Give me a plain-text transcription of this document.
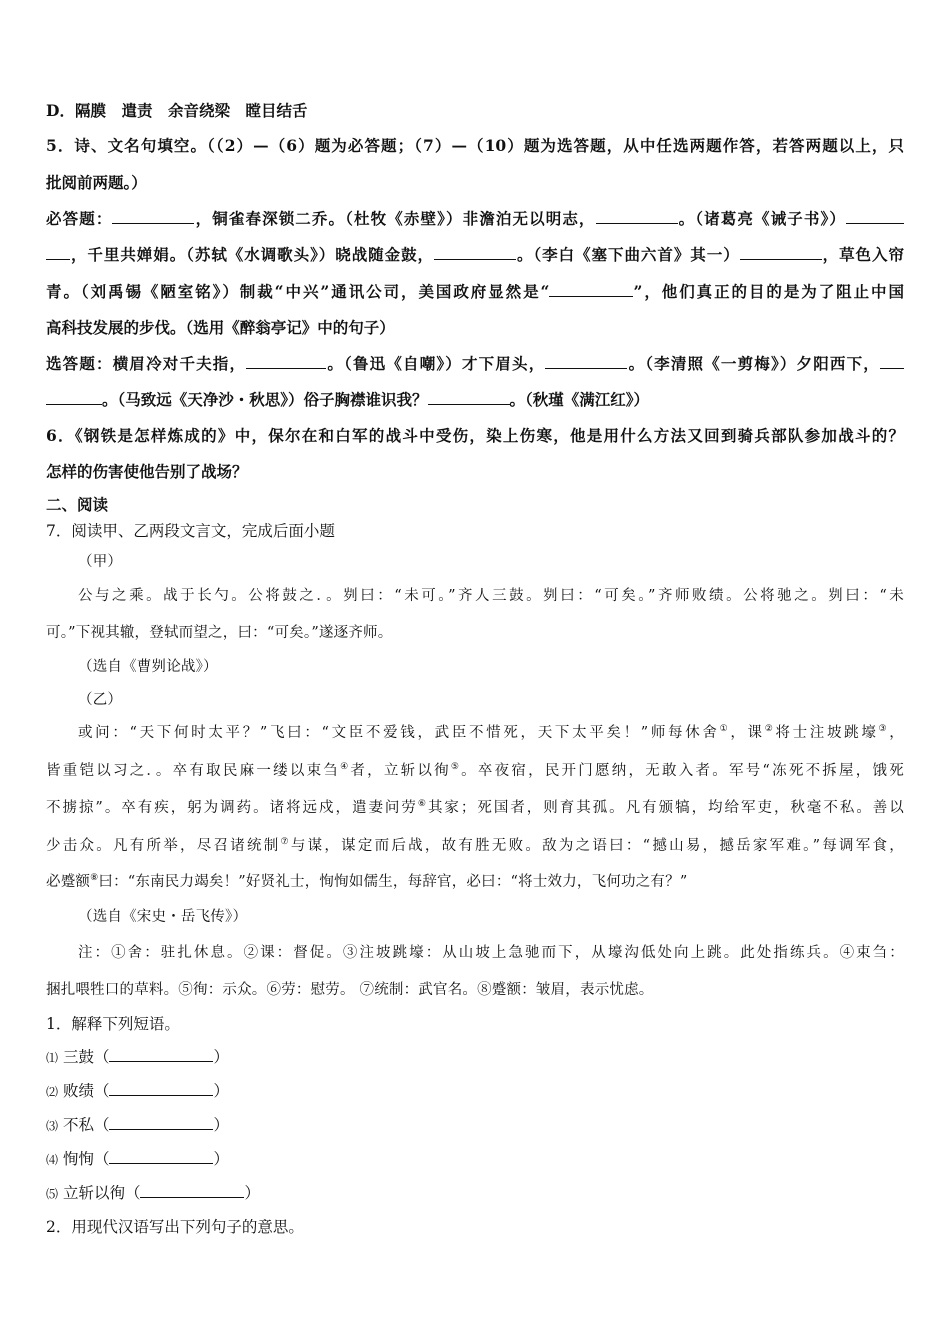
D．隔膜　遣责　余音绕梁　瞠目结舌
5．诗、文名句填空。（（2）—（6）题为必答题；（7）—（10）题为选答题，从中任选两题作答，若答两题以上，只
批阅前两题。）
必答题：	，铜雀春深锁二乔。（杜牧《赤壁》）非澹泊无以明志，	。（诸葛亮《诫子书》）
，千里共婵娟。（苏轼《水调歌头》）晓战随金鼓，	。（李白《塞下曲六首》其一）	，草色入帘
青。（刘禹锡《陋室铭》）制裁“中兴”通讯公司，美国政府显然是“	”，他们真正的目的是为了阻止中国
高科技发展的步伐。（选用《醉翁亭记》中的句子）
选答题：横眉冷对千夫指，	。（鲁迅《自嘲》）才下眉头，	。（李清照《一剪梅》）夕阳西下，
。（马致远《天净沙・秋思》）俗子胸襟谁识我？	。（秋瑾《满江红》）
6．《钢铁是怎样炼成的》中，保尔在和白军的战斗中受伤，染上伤寒，他是用什么方法又回到骑兵部队参加战斗的？
怎样的伤害使他告别了战场？
二、阅读
7．阅读甲、乙两段文言文，完成后面小题
（甲）
公与之乘。战于长勺。公将鼓之．。刿曰：“未可。”齐人三鼓。刿曰：“可矣。”齐师败绩。公将驰之。刿曰：“未
可。”下视其辙，登轼而望之，曰：“可矣。”遂逐齐师。
（选自《曹刿论战》）
（乙）
或问：“天下何时太平？”飞曰：“文臣不爱钱，武臣不惜死，天下太平矣！”师每休舍①，课②将士注坡跳壕③，
皆重铠以习之．。卒有取民麻一缕以束刍④者，立斩以徇⑤。卒夜宿，民开门愿纳，无敢入者。军号“冻死不拆屋，饿死
不掳掠”。卒有疾，躬为调药。诸将远戍，遣妻问劳⑥其家；死国者，则育其孤。凡有颁犒，均给军吏，秋毫不私。善以
少击众。凡有所举，尽召诸统制⑦与谋，谋定而后战，故有胜无败。敌为之语曰：“撼山易，撼岳家军难。”每调军食，
必蹙额⑧曰：“东南民力竭矣！”好贤礼士，恂恂如儒生，每辞官，必曰：“将士效力，飞何功之有？”
（选自《宋史・岳飞传》）
注：①舍：驻扎休息。②课：督促。③注坡跳壕：从山坡上急驰而下，从壕沟低处向上跳。此处指练兵。④束刍：
捆扎喂牲口的草料。⑤徇：示众。⑥劳：慰劳。 ⑦统制：武官名。⑧蹙额：皱眉，表示忧虑。
1．解释下列短语。
⑴ 三鼓（	）
⑵ 败绩（	）
⑶ 不私（	）
⑷ 恂恂（	）
⑸ 立斩以徇（	）
2．用现代汉语写出下列句子的意思。
